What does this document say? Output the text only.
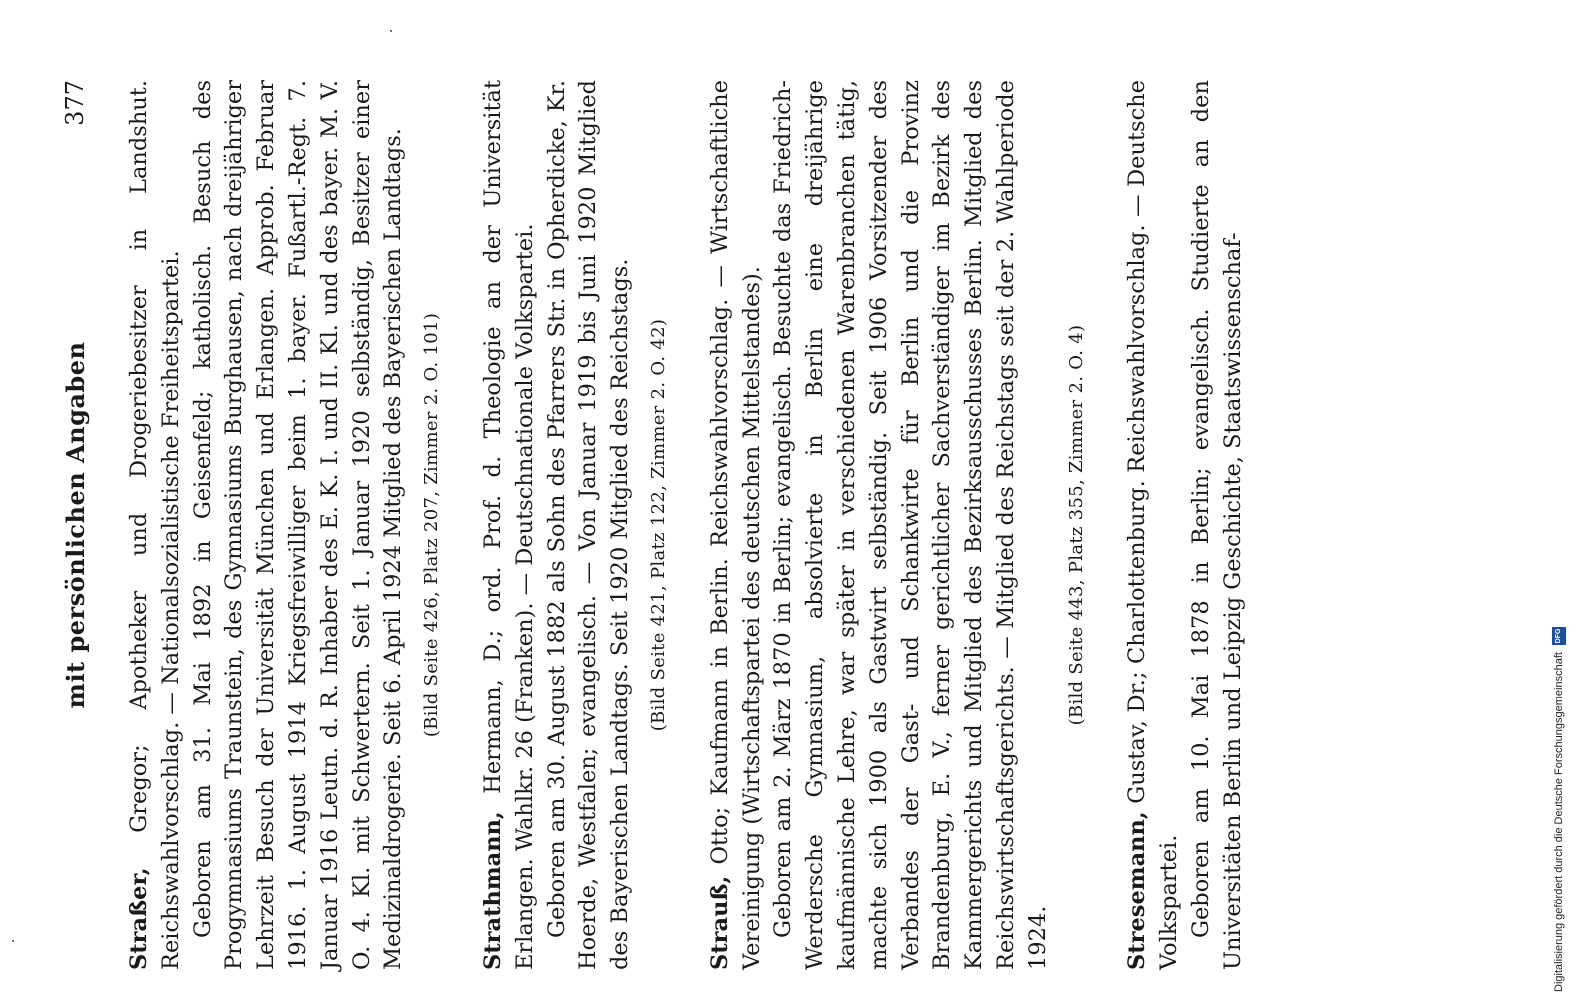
mit persönlichen Angaben
377

Straßer, Gregor; Apotheker und Drogeriebesitzer in Landshut. Reichswahlvorschlag. — Nationalsozialistische Freiheitspartei. Geboren am 31. Mai 1892 in Geisenfeld; katholisch. Besuch des Progymnasiums Traunstein, des Gymnasiums Burghausen, nach dreijähriger Lehrzeit Besuch der Universität München und Erlangen. Approb. Februar 1916. 1. August 1914 Kriegsfreiwilliger beim 1. bayer. Fußartl.-Regt. 7. Januar 1916 Leutn. d. R. Inhaber des E. K. I. und II. Kl. und des bayer. M. V. O. 4. Kl. mit Schwertern. Seit 1. Januar 1920 selbständig, Besitzer einer Medizinaldrogerie. Seit 6. April 1924 Mitglied des Bayerischen Landtags. (Bild Seite 426, Platz 207, Zimmer 2. O. 101)

Strathmann, Hermann, D.; ord. Prof. d. Theologie an der Universität Erlangen. Wahlkr. 26 (Franken). — Deutschnationale Volkspartei. Geboren am 30. August 1882 als Sohn des Pfarrers Str. in Opherdicke, Kr. Hoerde, Westfalen; evangelisch. — Von Januar 1919 bis Juni 1920 Mitglied des Bayerischen Landtags. Seit 1920 Mitglied des Reichstags. (Bild Seite 421, Platz 122, Zimmer 2. O. 42)

Strauß, Otto; Kaufmann in Berlin. Reichswahlvorschlag. — Wirtschaftliche Vereinigung (Wirtschaftspartei des deutschen Mittelstandes). Geboren am 2. März 1870 in Berlin; evangelisch. Besuchte das Friedrich-Werdersche Gymnasium, absolvierte in Berlin eine dreijährige kaufmännische Lehre, war später in verschiedenen Warenbranchen tätig, machte sich 1900 als Gastwirt selbständig. Seit 1906 Vorsitzender des Verbandes der Gast- und Schankwirte für Berlin und die Provinz Brandenburg, E. V., ferner gerichtlicher Sachverständiger im Bezirk des Kammergerichts und Mitglied des Bezirksausschusses Berlin. Mitglied des Reichswirtschaftsgerichts. — Mitglied des Reichstags seit der 2. Wahlperiode 1924.

(Bild Seite 443, Platz 355, Zimmer 2. O. 4)

Stresemann, Gustav, Dr.; Charlottenburg. Reichswahlvorschlag. — Deutsche Volkspartei. Geboren am 10. Mai 1878 in Berlin; evangelisch. Studierte an den Universitäten Berlin und Leipzig Geschichte, Staatswissenschaf-	Digitalisierung gefördert durch die Deutsche Forschungsgemeinschaft DFG
